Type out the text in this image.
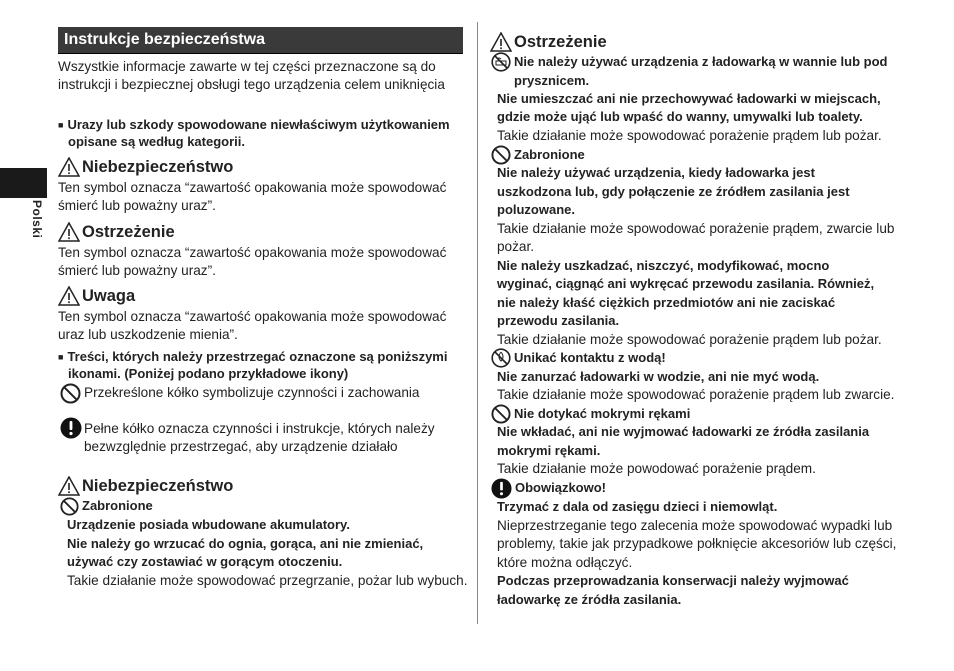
Polski
Instrukcje bezpieczeństwa
Wszystkie informacje zawarte w tej części przeznaczone są do
instrukcji i bezpiecznej obsługi tego urządzenia celem uniknięcia
■ Urazy lub szkody spowodowane niewłaściwym użytkowaniem
opisane są według kategorii.
Niebezpieczeństwo
Ten symbol oznacza “zawartość opakowania może spowodować
śmierć lub poważny uraz”.
Ostrzeżenie
Ten symbol oznacza “zawartość opakowania może spowodować
śmierć lub poważny uraz”.
Uwaga
Ten symbol oznacza “zawartość opakowania może spowodować
uraz lub uszkodzenie mienia”.
■ Treści, których należy przestrzegać oznaczone są poniższymi
ikonami. (Poniżej podano przykładowe ikony)
Przekreślone kółko symbolizuje czynności i zachowania
Pełne kółko oznacza czynności i instrukcje, których należy
bezwzględnie przestrzegać, aby urządzenie działało
Niebezpieczeństwo
Zabronione
Urządzenie posiada wbudowane akumulatory.
Nie należy go wrzucać do ognia, gorąca, ani nie zmieniać,
używać czy zostawiać w gorącym otoczeniu.
Takie działanie może spowodować przegrzanie, pożar lub wybuch.
Ostrzeżenie
Nie należy używać urządzenia z ładowarką w wannie lub pod
prysznicem.
Nie umieszczać ani nie przechowywać ładowarki w miejscach,
gdzie może ująć lub wpaść do wanny, umywalki lub toalety.
Takie działanie może spowodować porażenie prądem lub pożar.
Zabronione
Nie należy używać urządzenia, kiedy ładowarka jest
uszkodzona lub, gdy połączenie ze źródłem zasilania jest
poluzowane.
Takie działanie może spowodować porażenie prądem, zwarcie lub
pożar.
Nie należy uszkadzać, niszczyć, modyfikować, mocno
wyginać, ciągnąć ani wykręcać przewodu zasilania. Również,
nie należy kłaść ciężkich przedmiotów ani nie zaciskać
przewodu zasilania.
Takie działanie może spowodować porażenie prądem lub pożar.
Unikać kontaktu z wodą!
Nie zanurzać ładowarki w wodzie, ani nie myć wodą.
Takie działanie może spowodować porażenie prądem lub zwarcie.
Nie dotykać mokrymi rękami
Nie wkładać, ani nie wyjmować ładowarki ze źródła zasilania
mokrymi rękami.
Takie działanie może powodować porażenie prądem.
Obowiązkowo!
Trzymać z dala od zasięgu dzieci i niemowląt.
Nieprzestrzeganie tego zalecenia może spowodować wypadki lub
problemy, takie jak przypadkowe połknięcie akcesoriów lub części,
które można odłączyć.
Podczas przeprowadzania konserwacji należy wyjmować
ładowarkę ze źródła zasilania.
